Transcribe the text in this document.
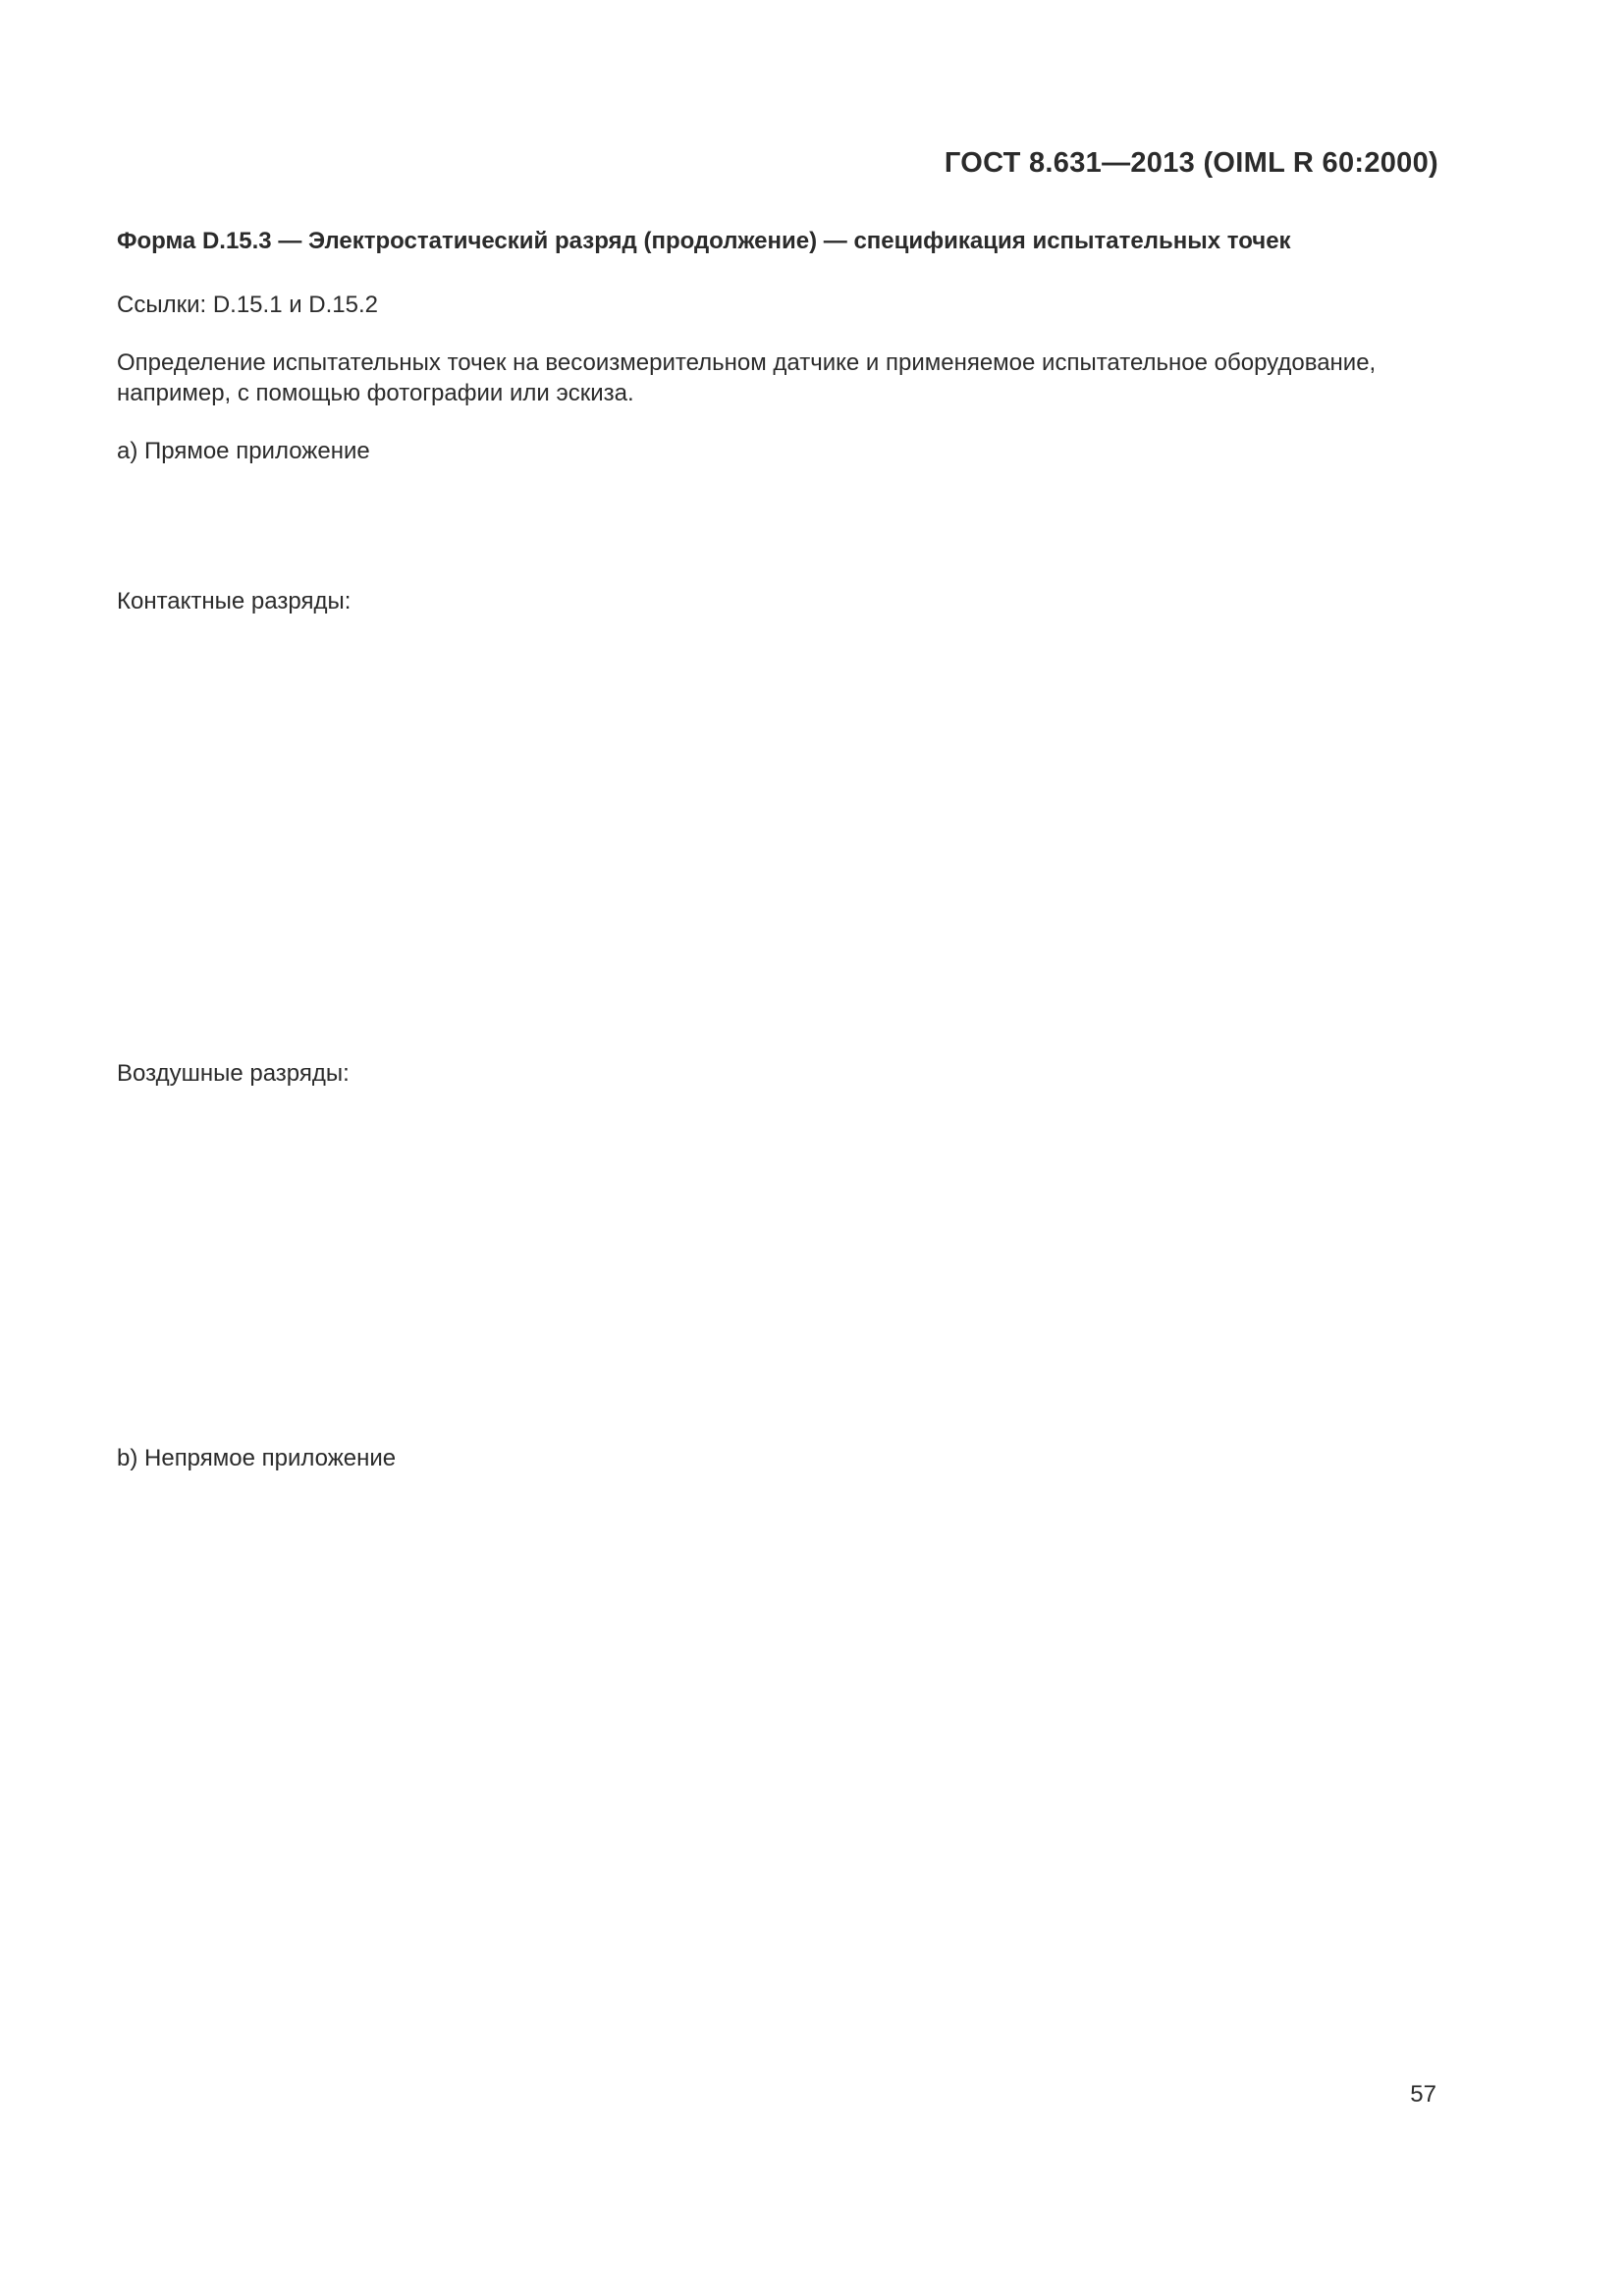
ГОСТ 8.631—2013 (OIML R 60:2000)
Форма D.15.3 — Электростатический разряд (продолжение) — спецификация испытательных точек
Ссылки: D.15.1 и D.15.2
Определение испытательных точек на весоизмерительном датчике и применяемое испытательное оборудование,
например, с помощью фотографии или эскиза.
а) Прямое приложение
Контактные разряды:
Воздушные разряды:
b) Непрямое приложение
57
